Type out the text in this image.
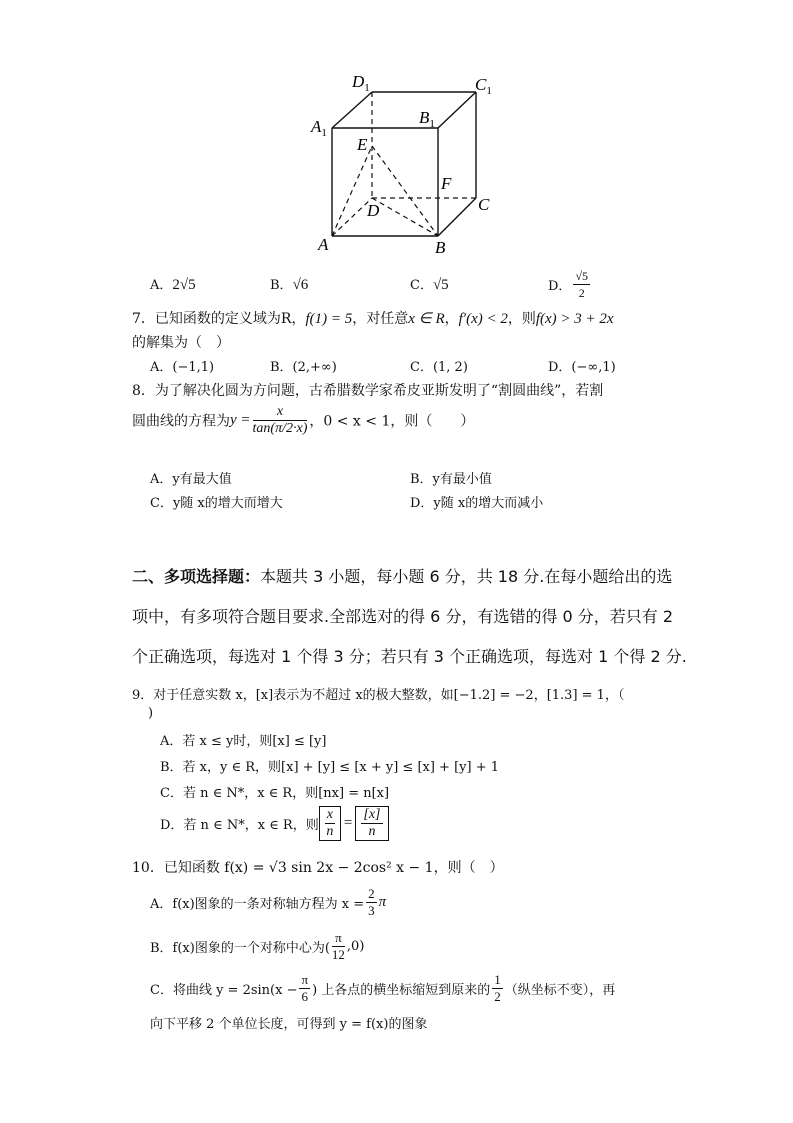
$D_1$	$C_1$
$A_1$
$B_1$
E
F
D	C
A	B
A．2√5	B．√6	C．√5	D． $\frac{√5}{2}$
7．已知函数的定义域为R，f(1) = 5，对任意x ∈ R，f′(x) < 2，则f(x) > 3 + 2x
的解集为（　）
A．(−1,1)	B．(2,+∞)	C．(1, 2)	D．(−∞,1)
8．为了解决化圆为方问题，古希腊数学家希皮亚斯发明了“割圆曲线”，若割
圆曲线的方程为$y = \frac{x}{\tan(\pi/2\cdot x)}$ ，0 < x < 1，则（　　）
A．y有最大值	B．y有最小值
C．y随 x的增大而增大	D．y随 x的增大而减小
二、多项选择题：本题共 3 小题，每小题 6 分，共 18 分.在每小题给出的选
项中，有多项符合题目要求.全部选对的得 6 分，有选错的得 0 分，若只有 2
个正确选项，每选对 1 个得 3 分；若只有 3 个正确选项，每选对 1 个得 2 分.
9．对于任意实数 x，[x]表示为不超过 x的极大整数，如[−1.2] = −2，[1.3] = 1，（
)
A．若 x ≤ y时，则[x] ≤ [y]
B．若 x，y ∈ R，则[x] + [y] ≤ [x + y] ≤ [x] + [y] + 1
C．若 n ∈ N*，x ∈ R，则[nx] = n[x]
D．若 n ∈ N*，x ∈ R，则 $\frac{x}{n} = \frac{[x]}{n}$
10．已知函数 f(x) = √3 sin 2x − 2cos² x − 1，则（　）
A．f(x)图象的一条对称轴方程为 $x = \frac{2}{3}$ π
B．f(x)图象的一个对称中心为( $\frac{\pi}{12} ,0$)
C．将曲线 $y = 2\sin(x - \frac{\pi}{6}$ ) 上各点的横坐标缩短到原来的 $\frac{1}{2}$ （纵坐标不变），再
向下平移 2 个单位长度，可得到 y = f(x)的图象
